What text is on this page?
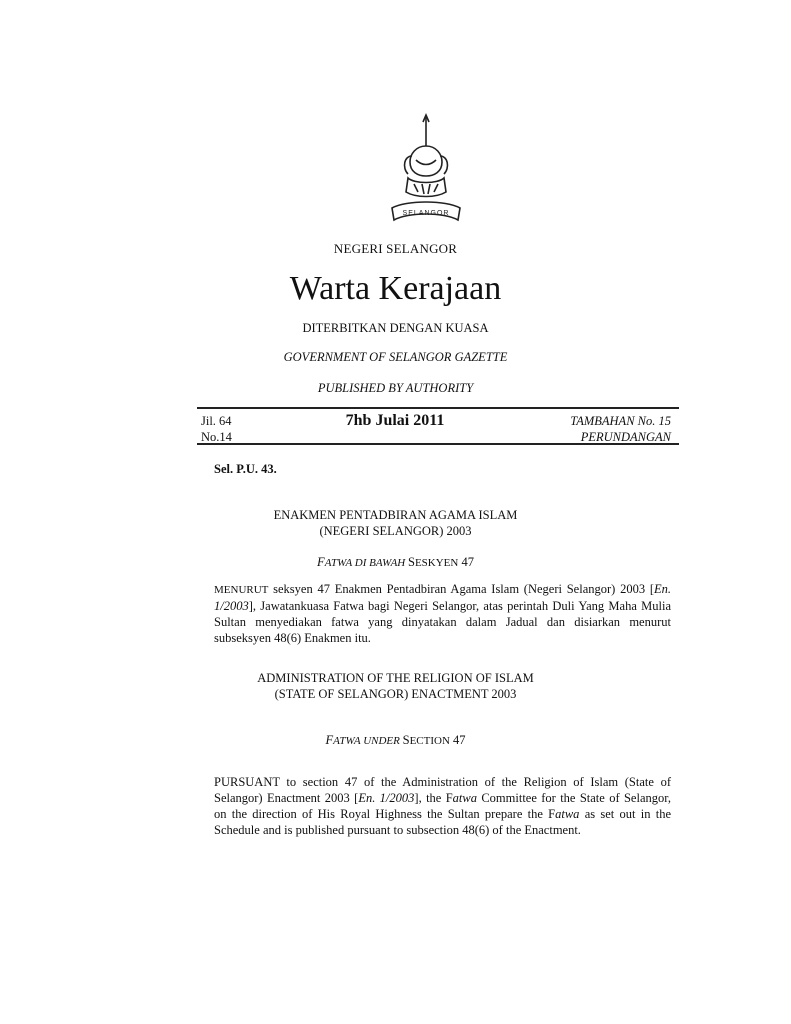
SELANGOR
NEGERI SELANGOR
Warta Kerajaan
DITERBITKAN DENGAN KUASA
GOVERNMENT OF SELANGOR GAZETTE
PUBLISHED BY AUTHORITY
Jil. 64
No.14
7hb Julai 2011	TAMBAHAN No. 15
PERUNDANGAN
Sel. P.U. 43.
ENAKMEN PENTADBIRAN AGAMA ISLAM
(NEGERI SELANGOR) 2003
FATWA DI BAWAH SESKYEN 47
MENURUT seksyen 47 Enakmen Pentadbiran Agama Islam (Negeri Selangor) 2003 [En. 1/2003], Jawatankuasa Fatwa bagi Negeri Selangor, atas perintah Duli Yang Maha Mulia Sultan menyediakan fatwa yang dinyatakan dalam Jadual dan disiarkan menurut subseksyen 48(6) Enakmen itu.
ADMINISTRATION OF THE RELIGION OF ISLAM
(STATE OF SELANGOR) ENACTMENT 2003
FATWA UNDER SECTION 47
PURSUANT to section 47 of the Administration of the Religion of Islam (State of Selangor) Enactment 2003 [En. 1/2003], the Fatwa Committee for the State of Selangor, on the direction of His Royal Highness the Sultan prepare the Fatwa as set out in the Schedule and is published pursuant to subsection 48(6) of the Enactment.
